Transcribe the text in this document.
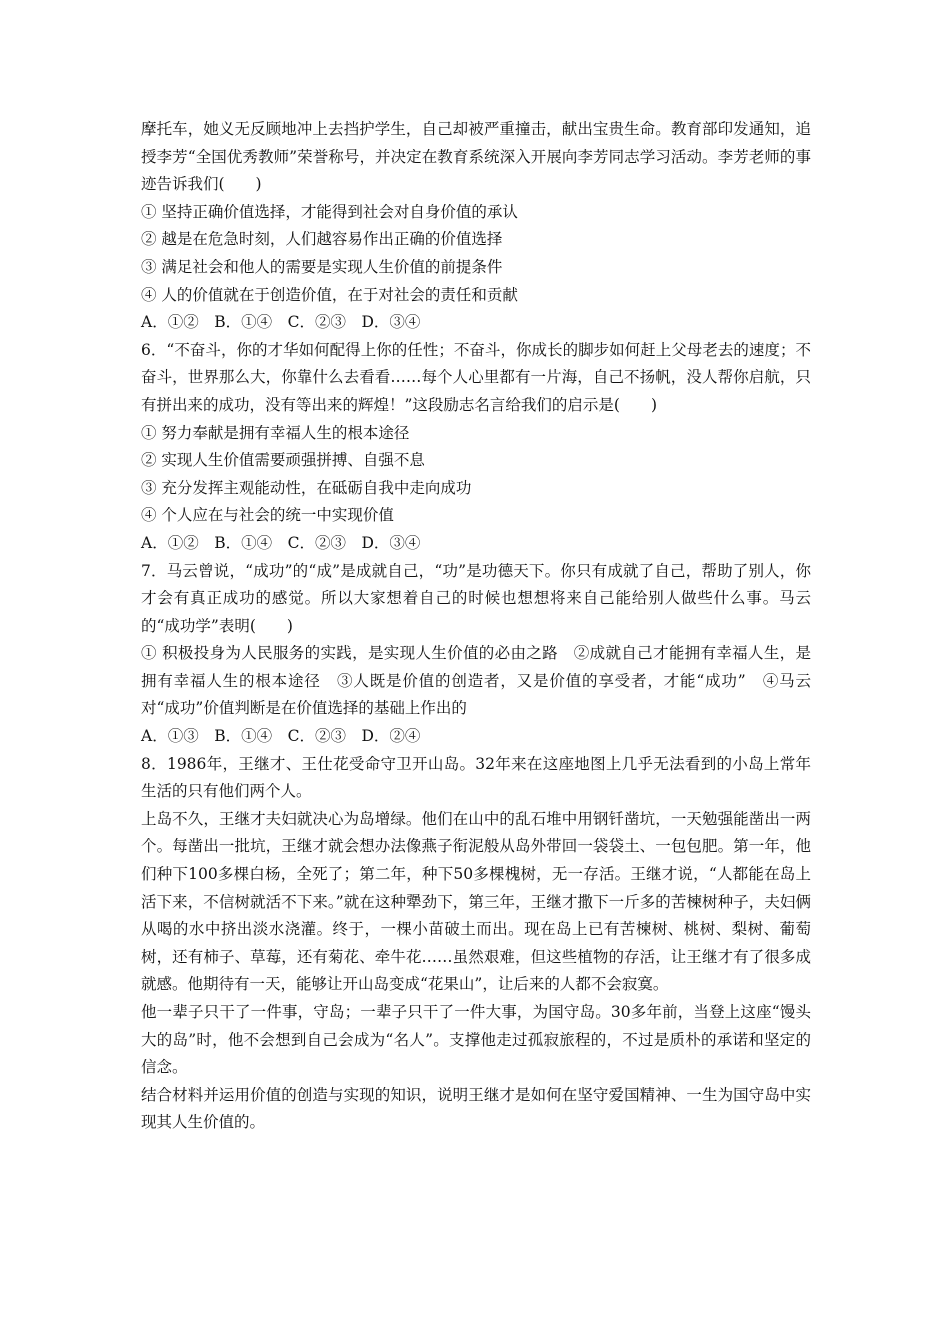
摩托车，她义无反顾地冲上去挡护学生，自己却被严重撞击，献出宝贵生命。教育部印发通知，追授李芳“全国优秀教师”荣誉称号，并决定在教育系统深入开展向李芳同志学习活动。李芳老师的事迹告诉我们(　　)

① 坚持正确价值选择，才能得到社会对自身价值的承认

② 越是在危急时刻，人们越容易作出正确的价值选择

③ 满足社会和他人的需要是实现人生价值的前提条件

④ 人的价值就在于创造价值，在于对社会的责任和贡献

A．①②　B．①④　C．②③　D．③④

6．“不奋斗，你的才华如何配得上你的任性；不奋斗，你成长的脚步如何赶上父母老去的速度；不奋斗，世界那么大，你靠什么去看看……每个人心里都有一片海，自己不扬帆，没人帮你启航，只有拼出来的成功，没有等出来的辉煌！”这段励志名言给我们的启示是(　　)

① 努力奉献是拥有幸福人生的根本途径

② 实现人生价值需要顽强拼搏、自强不息

③ 充分发挥主观能动性，在砥砺自我中走向成功

④ 个人应在与社会的统一中实现价值

A．①②　B．①④　C．②③　D．③④

7．马云曾说，“成功”的“成”是成就自己，“功”是功德天下。你只有成就了自己，帮助了别人，你才会有真正成功的感觉。所以大家想着自己的时候也想想将来自己能给别人做些什么事。马云的“成功学”表明(　　)

① 积极投身为人民服务的实践，是实现人生价值的必由之路　②成就自己才能拥有幸福人生，是拥有幸福人生的根本途径　③人既是价值的创造者，又是价值的享受者，才能“成功”　④马云对“成功”价值判断是在价值选择的基础上作出的

A．①③　B．①④　C．②③　D．②④

8．1986年，王继才、王仕花受命守卫开山岛。32年来在这座地图上几乎无法看到的小岛上常年生活的只有他们两个人。

上岛不久，王继才夫妇就决心为岛增绿。他们在山中的乱石堆中用钢钎凿坑，一天勉强能凿出一两个。每凿出一批坑，王继才就会想办法像燕子衔泥般从岛外带回一袋袋土、一包包肥。第一年，他们种下100多棵白杨，全死了；第二年，种下50多棵槐树，无一存活。王继才说，“人都能在岛上活下来，不信树就活不下来。”就在这种犟劲下，第三年，王继才撒下一斤多的苦楝树种子，夫妇俩从喝的水中挤出淡水浇灌。终于，一棵小苗破土而出。现在岛上已有苦楝树、桃树、梨树、葡萄树，还有柿子、草莓，还有菊花、牵牛花……虽然艰难，但这些植物的存活，让王继才有了很多成就感。他期待有一天，能够让开山岛变成“花果山”，让后来的人都不会寂寞。

他一辈子只干了一件事，守岛；一辈子只干了一件大事，为国守岛。30多年前，当登上这座“馒头大的岛”时，他不会想到自己会成为“名人”。支撑他走过孤寂旅程的，不过是质朴的承诺和坚定的信念。

结合材料并运用价值的创造与实现的知识，说明王继才是如何在坚守爱国精神、一生为国守岛中实现其人生价值的。
